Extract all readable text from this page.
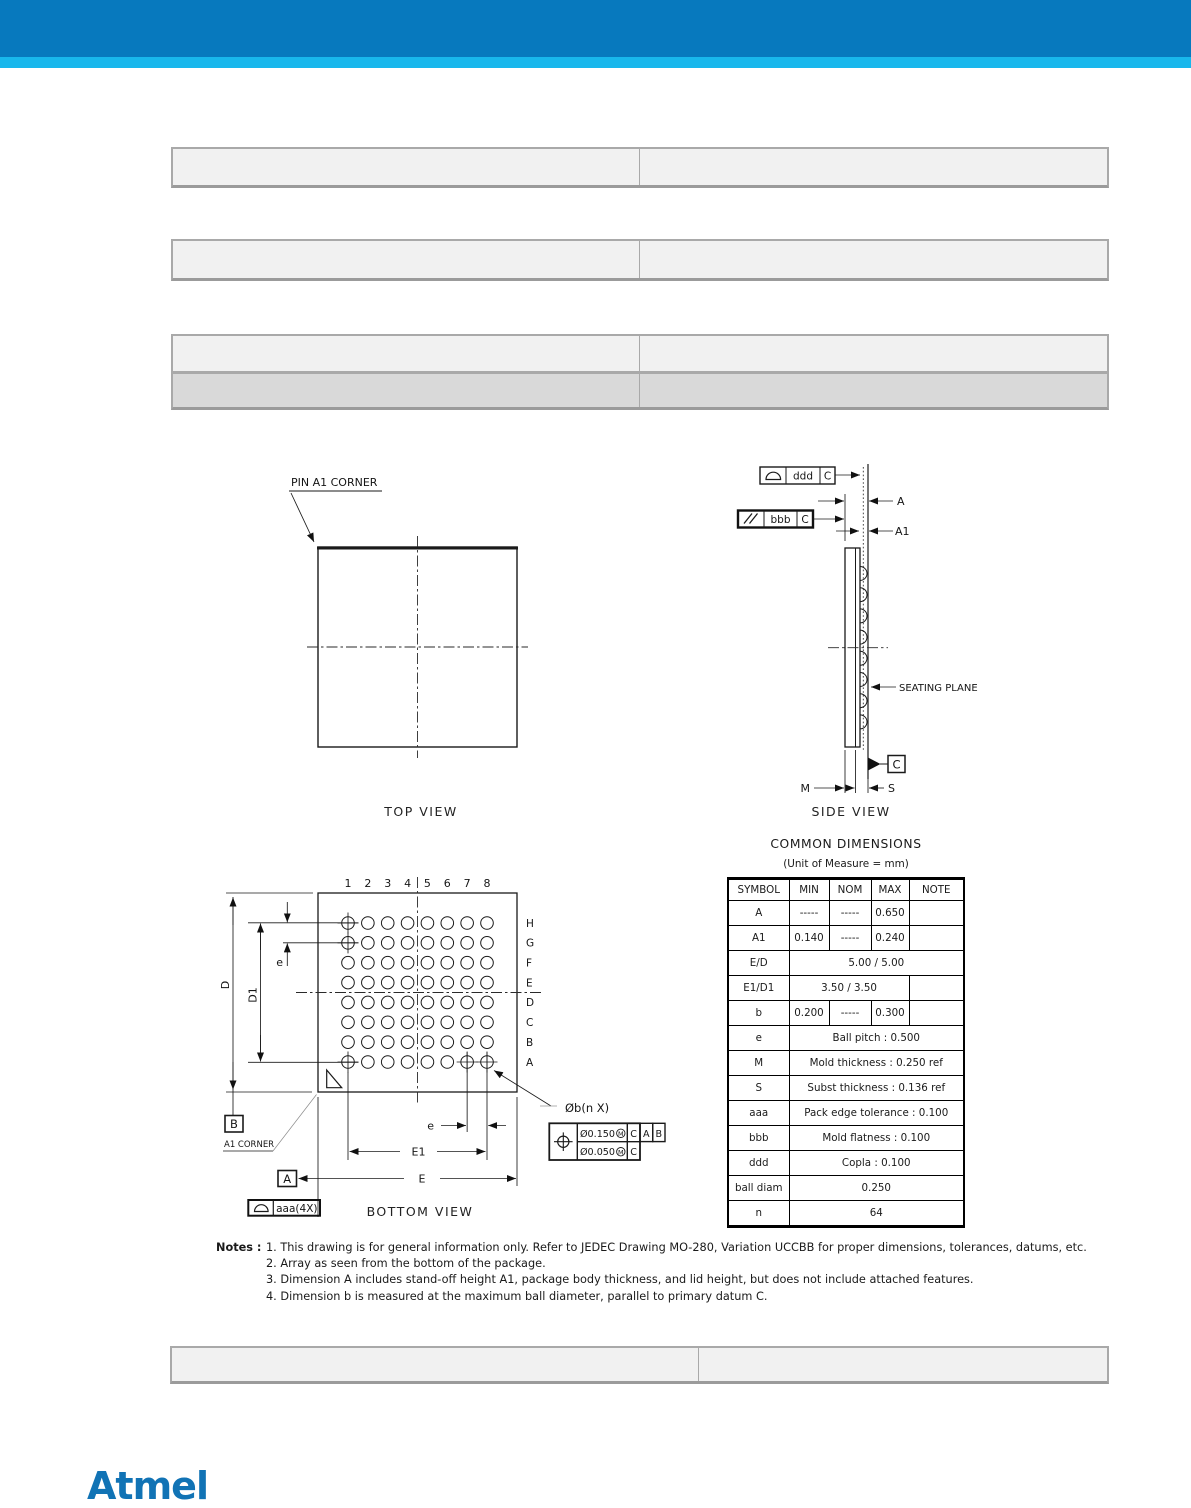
PIN A1 CORNER
TOP VIEW
ddd C
bbb C
A
A1
SEATING PLANE
C
M	S
SIDE VIEW
1 2 3 4 5 6 7 8
H
G
F
E
D
C
B
A
D
D1
e
B
A1 CORNER
A	E
E1
e
Øb(n X)
Ø0.150 M C A B
Ø0.050 M C
aaa(4X)	BOTTOM VIEW
COMMON DIMENSIONS
(Unit of Measure = mm)
SYMBOL	MIN	NOM	MAX	NOTE
A	-----	-----	0.650	
A1	0.140	-----	0.240	
E/D	5.00 / 5.00			
E1/D1	3.50 / 3.50			
b	0.200	-----	0.300	
e	Ball pitch : 0.500			
M	Mold thickness : 0.250 ref			
S	Subst thickness : 0.136 ref			
aaa	Pack edge tolerance : 0.100			
bbb	Mold flatness : 0.100			
ddd	Copla : 0.100			
ball diam	0.250			
n	64			
Notes : 1. This drawing is for general information only. Refer to JEDEC Drawing MO-280, Variation UCCBB for proper dimensions, tolerances, datums, etc.
2. Array as seen from the bottom of the package.
3. Dimension A includes stand-off height A1, package body thickness, and lid height, but does not include attached features.
4. Dimension b is measured at the maximum ball diameter, parallel to primary datum C.
Atmel
